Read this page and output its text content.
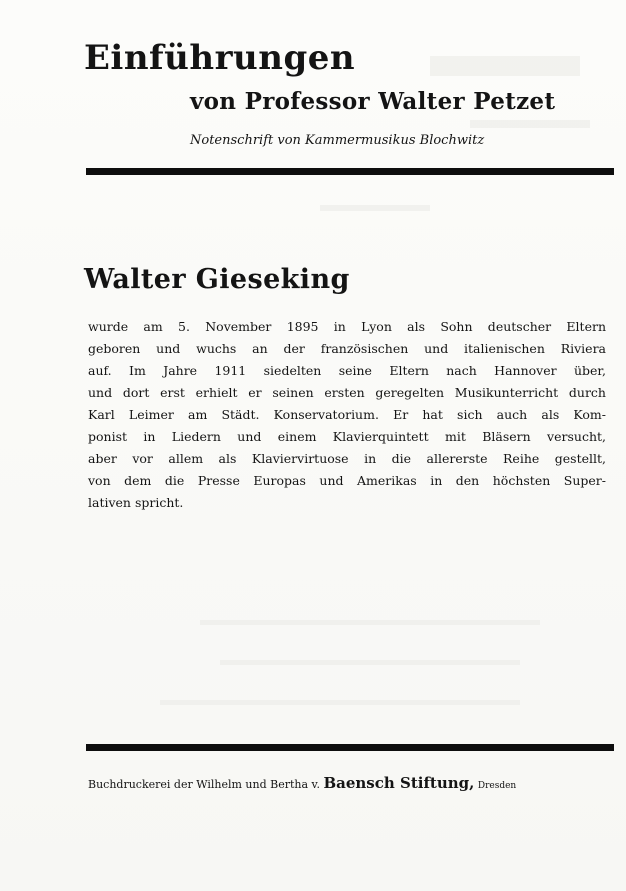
Einführungen
von Professor Walter Petzet
Notenschrift von Kammermusikus Blochwitz
Walter Gieseking
wurde am 5. November 1895 in Lyon als Sohn deutscher Eltern
geboren und wuchs an der französischen und italienischen Riviera
auf. Im Jahre 1911 siedelten seine Eltern nach Hannover über,
und dort erst erhielt er seinen ersten geregelten Musikunterricht durch
Karl Leimer am Städt. Konservatorium. Er hat sich auch als Kom-
ponist in Liedern und einem Klavierquintett mit Bläsern versucht,
aber vor allem als Klaviervirtuose in die allererste Reihe gestellt,
von dem die Presse Europas und Amerikas in den höchsten Super-
lativen spricht.
Buchdruckerei der Wilhelm und Bertha v. Baensch Stiftung, Dresden
